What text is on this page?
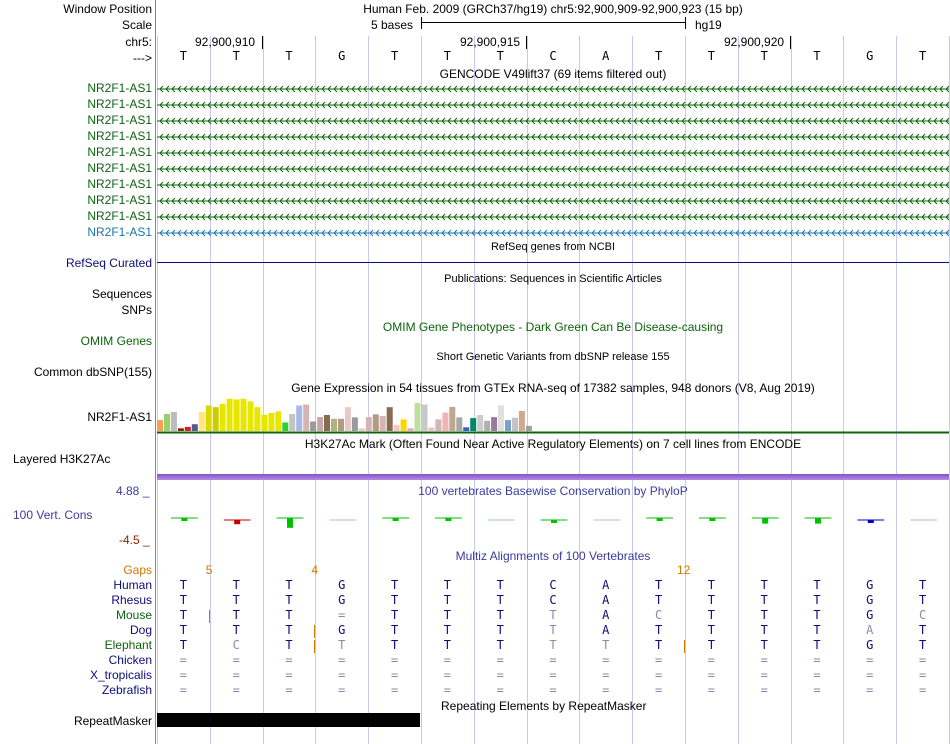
Window Position	Human Feb. 2009 (GRCh37/hg19) chr5:92,900,909-92,900,923 (15 bp)
Scale	5 bases	hg19
chr5:	92,900,910	92,900,915	92,900,920
---> T	T	T	G	T	T	T	C	A	T	T	T	T	G	T
GENCODE V49lift37 (69 items filtered out)
NR2F1-AS1
NR2F1-AS1
NR2F1-AS1
NR2F1-AS1
NR2F1-AS1
NR2F1-AS1
NR2F1-AS1
NR2F1-AS1
NR2F1-AS1
NR2F1-AS1
RefSeq genes from NCBI
RefSeq Curated
Publications: Sequences in Scientific Articles
Sequences
SNPs
OMIM Gene Phenotypes - Dark Green Can Be Disease-causing
OMIM Genes
Short Genetic Variants from dbSNP release 155
Common dbSNP(155)
Gene Expression in 54 tissues from GTEx RNA-seq of 17382 samples, 948 donors (V8, Aug 2019)
NR2F1-AS1
H3K27Ac Mark (Often Found Near Active Regulatory Elements) on 7 cell lines from ENCODE
Layered H3K27Ac
100 vertebrates Basewise Conservation by PhyloP
4.88 _
100 Vert. Cons
-4.5 _
Multiz Alignments of 100 Vertebrates
Gaps	5	4	12
Human T	T	T	G	T	T	T	C	A	T	T	T	T	G	T
Rhesus T	T	T	G	T	T	T	C	A	T	T	T	T	G	T
Mouse T	T	T	=	T	T	T	T	A	C	T	T	T	G	C
Dog T	T	T	G	T	T	T	T	A	T	T	T	T	A	T
Elephant T	C	T	T	T	T	T	T	T	T	T	T	T	G	T
Chicken =	=	=	=	=	=	=	=	=	=	=	=	=	=	=
X_tropicalis =	=	=	=	=	=	=	=	=	=	=	=	=	=	=
Zebrafish =	=	=	=	=	=	=	=	=	=	=	=	=	=	=
RepeatMasker
Repeating Elements by RepeatMasker
